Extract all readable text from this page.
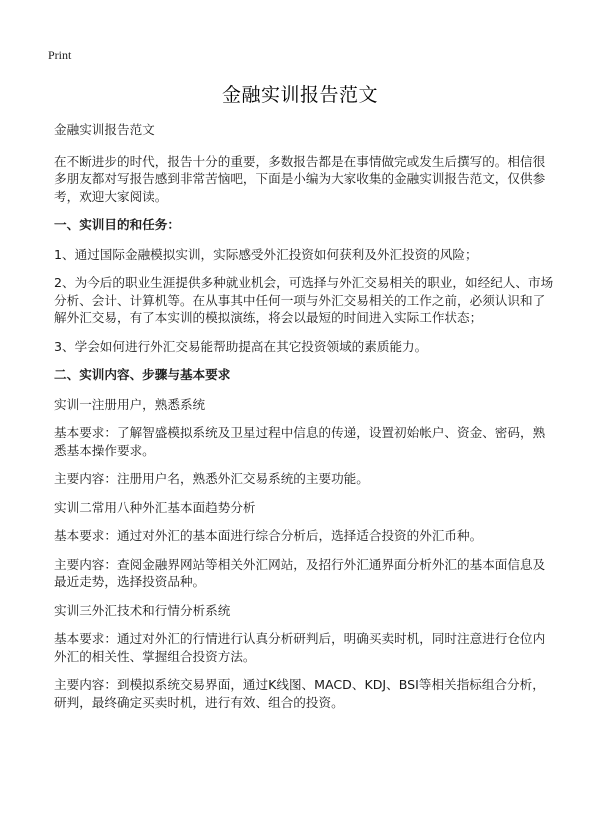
Print
金融实训报告范文

金融实训报告范文

在不断进步的时代，报告十分的重要，多数报告都是在事情做完或发生后撰写的。相信很多朋友都对写报告感到非常苦恼吧，下面是小编为大家收集的金融实训报告范文，仅供参考，欢迎大家阅读。

一、实训目的和任务：

1、通过国际金融模拟实训，实际感受外汇投资如何获利及外汇投资的风险；

2、为今后的职业生涯提供多种就业机会，可选择与外汇交易相关的职业，如经纪人、市场分析、会计、计算机等。在从事其中任何一项与外汇交易相关的工作之前，必须认识和了解外汇交易，有了本实训的模拟演练，将会以最短的时间进入实际工作状态；

3、学会如何进行外汇交易能帮助提高在其它投资领域的素质能力。

二、实训内容、步骤与基本要求

实训一注册用户，熟悉系统

基本要求：了解智盛模拟系统及卫星过程中信息的传递，设置初始帐户、资金、密码，熟悉基本操作要求。

主要内容：注册用户名，熟悉外汇交易系统的主要功能。

实训二常用八种外汇基本面趋势分析

基本要求：通过对外汇的基本面进行综合分析后，选择适合投资的外汇币种。

主要内容：查阅金融界网站等相关外汇网站，及招行外汇通界面分析外汇的基本面信息及最近走势，选择投资品种。

实训三外汇技术和行情分析系统

基本要求：通过对外汇的行情进行认真分析研判后，明确买卖时机，同时注意进行仓位内外汇的相关性、掌握组合投资方法。

主要内容：到模拟系统交易界面，通过K线图、MACD、KDJ、BSI等相关指标组合分析，研判，最终确定买卖时机，进行有效、组合的投资。
